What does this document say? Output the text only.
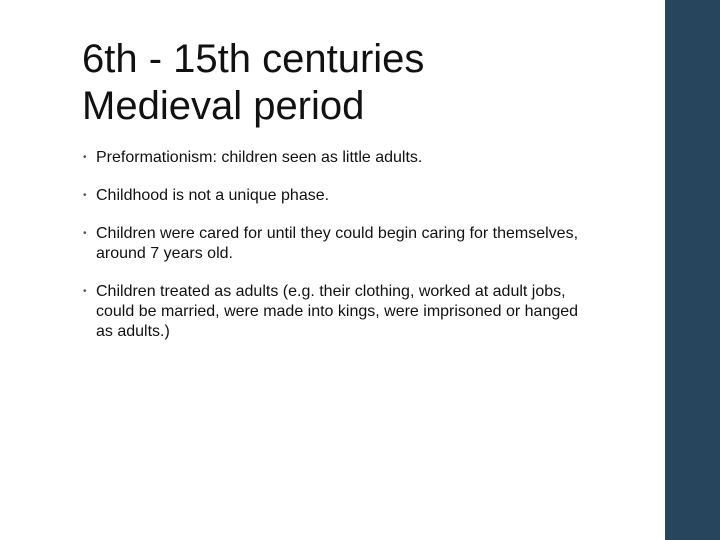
6th - 15th centuries
Medieval period
• Preformationism: children seen as little adults.
• Childhood is not a unique phase.
• Children were cared for until they could begin caring for themselves, around 7 years old.
• Children treated as adults (e.g. their clothing, worked at adult jobs, could be married, were made into kings, were imprisoned or hanged as adults.)
